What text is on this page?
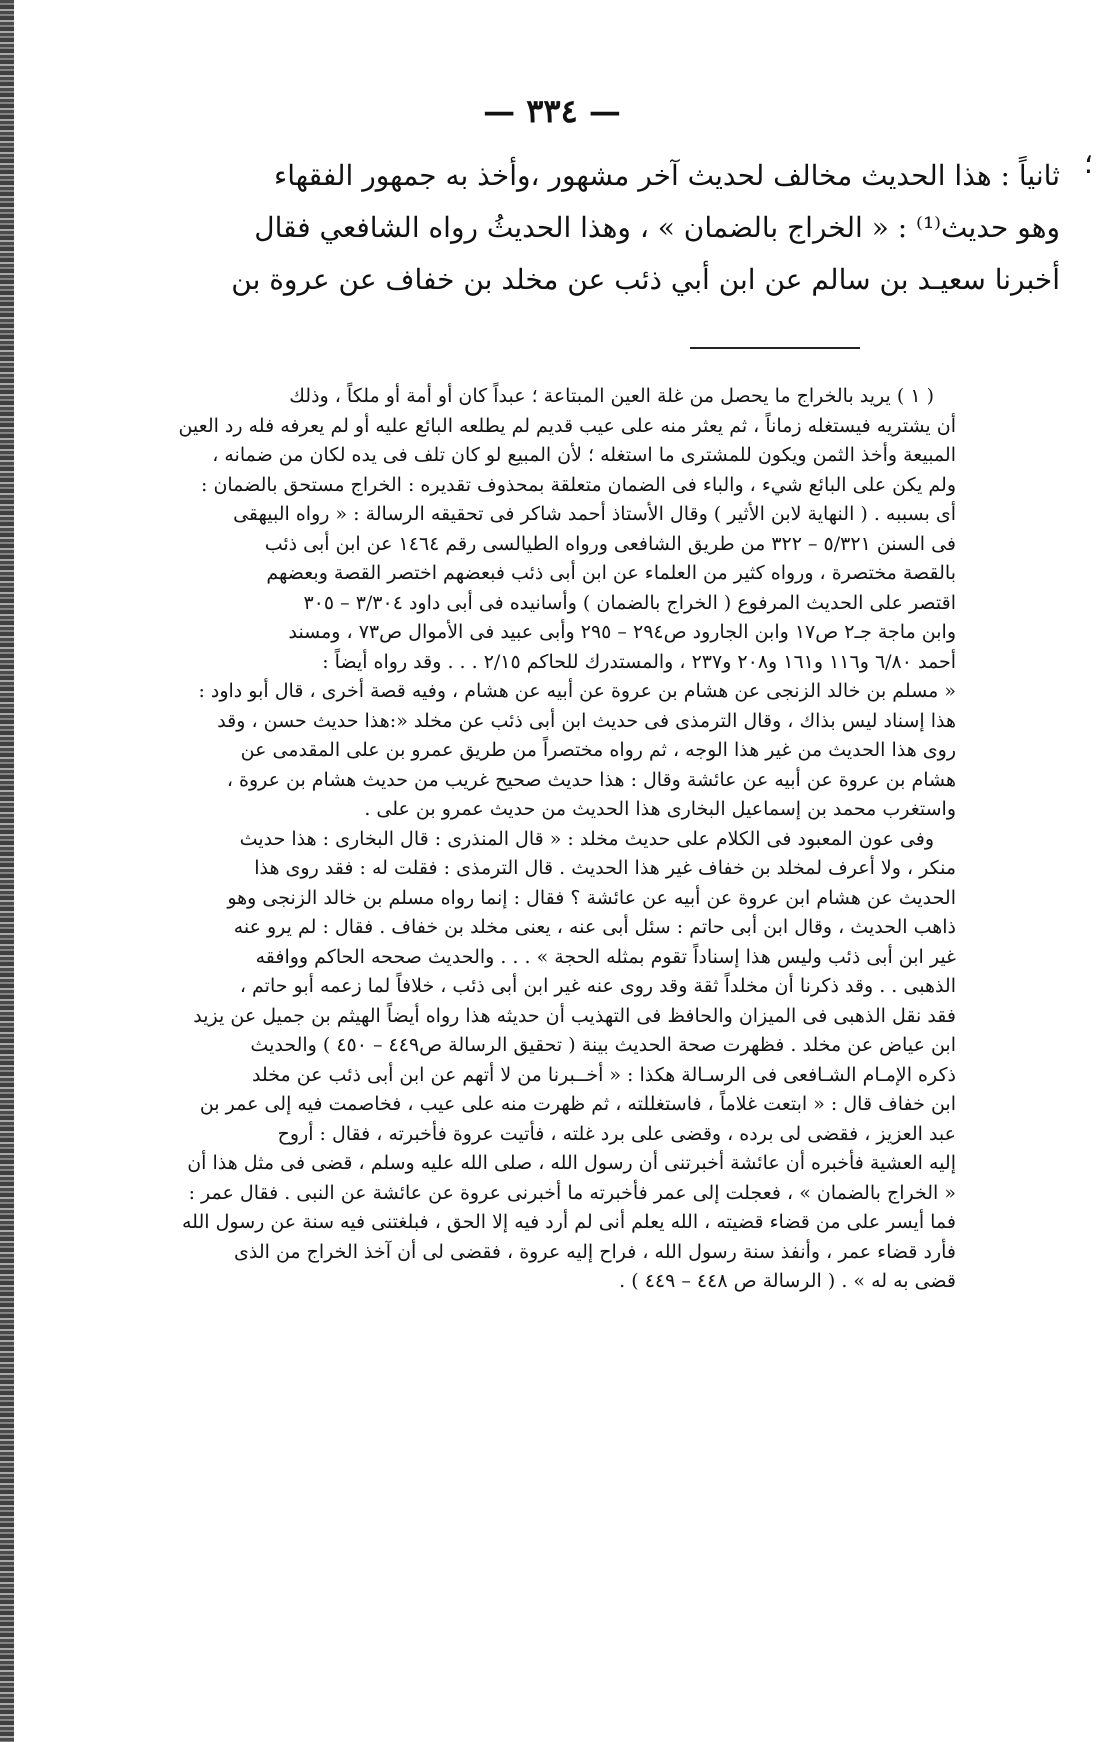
؛
— ٣٣٤ —
ثانياً : هذا الحديث مخالف لحديث آخر مشهور ،وأخذ به جمهور الفقهاء
وهو حديث⁽¹⁾ : « الخراج بالضمان » ، وهذا الحديثُ رواه الشافعي فقال
أخبرنا سعيـد بن سالم عن ابن أبي ذئب عن مخلد بن خفاف عن عروة بن
( ١ ) يريد بالخراج ما يحصل من غلة العين المبتاعة ؛ عبداً كان أو أمة أو ملكاً ، وذلك
أن يشتريه فيستغله زماناً ، ثم يعثر منه على عيب قديم لم يطلعه البائع عليه أو لم يعرفه فله رد العين
المبيعة وأخذ الثمن ويكون للمشترى ما استغله ؛ لأن المبيع لو كان تلف فى يده لكان من ضمانه ،
ولم يكن على البائع شيء ، والباء فى الضمان متعلقة بمحذوف تقديره : الخراج مستحق بالضمان :
أى بسببه . ( النهاية لابن الأثير ) وقال الأستاذ أحمد شاكر فى تحقيقه الرسالة : « رواه البيهقى
فى السنن ٥/٣٢١ – ٣٢٢ من طريق الشافعى ورواه الطيالسى رقم ١٤٦٤ عن ابن أبى ذئب
بالقصة مختصرة ، ورواه كثير من العلماء عن ابن أبى ذئب فبعضهم اختصر القصة وبعضهم
اقتصر على الحديث المرفوع ( الخراج بالضمان ) وأسانيده فى أبى داود ٣/٣٠٤ – ٣٠٥
وابن ماجة جـ٢ ص١٧ وابن الجارود ص٢٩٤ – ٢٩٥ وأبى عبيد فى الأموال ص٧٣ ، ومسند
أحمد ٦/٨٠ و١١٦ و١٦١ و٢٠٨ و٢٣٧ ، والمستدرك للحاكم ٢/١٥ . . . وقد رواه أيضاً :
« مسلم بن خالد الزنجى عن هشام بن عروة عن أبيه عن هشام ، وفيه قصة أخرى ، قال أبو داود :
هذا إسناد ليس بذاك ، وقال الترمذى فى حديث ابن أبى ذئب عن مخلد «:هذا حديث حسن ، وقد
روى هذا الحديث من غير هذا الوجه ، ثم رواه مختصراً من طريق عمرو بن على المقدمى عن
هشام بن عروة عن أبيه عن عائشة وقال : هذا حديث صحيح غريب من حديث هشام بن عروة ،
واستغرب محمد بن إسماعيل البخارى هذا الحديث من حديث عمرو بن على .
وفى عون المعبود فى الكلام على حديث مخلد : « قال المنذرى : قال البخارى : هذا حديث
منكر ، ولا أعرف لمخلد بن خفاف غير هذا الحديث . قال الترمذى : فقلت له : فقد روى هذا
الحديث عن هشام ابن عروة عن أبيه عن عائشة ؟ فقال : إنما رواه مسلم بن خالد الزنجى وهو
ذاهب الحديث ، وقال ابن أبى حاتم : سئل أبى عنه ، يعنى مخلد بن خفاف . فقال : لم يرو عنه
غير ابن أبى ذئب وليس هذا إسناداً تقوم بمثله الحجة » . . . والحديث صححه الحاكم ووافقه
الذهبى . . وقد ذكرنا أن مخلداً ثقة وقد روى عنه غير ابن أبى ذئب ، خلافاً لما زعمه أبو حاتم ،
فقد نقل الذهبى فى الميزان والحافظ فى التهذيب أن حديثه هذا رواه أيضاً الهيثم بن جميل عن يزيد
ابن عياض عن مخلد . فظهرت صحة الحديث بينة ( تحقيق الرسالة ص٤٤٩ – ٤٥٠ ) والحديث
ذكره الإمـام الشـافعى فى الرسـالة هكذا : « أخــبرنا من لا أتهم عن ابن أبى ذئب عن مخلد
ابن خفاف قال : « ابتعت غلاماً ، فاستغللته ، ثم ظهرت منه على عيب ، فخاصمت فيه إلى عمر بن
عبد العزيز ، فقضى لى برده ، وقضى على برد غلته ، فأتيت عروة فأخبرته ، فقال : أروح
إليه العشية فأخبره أن عائشة أخبرتنى أن رسول الله ، صلى الله عليه وسلم ، قضى فى مثل هذا أن
« الخراج بالضمان » ، فعجلت إلى عمر فأخبرته ما أخبرنى عروة عن عائشة عن النبى . فقال عمر :
فما أيسر على من قضاء قضيته ، الله يعلم أنى لم أرد فيه إلا الحق ، فبلغتنى فيه سنة عن رسول الله
فأرد قضاء عمر ، وأنفذ سنة رسول الله ، فراح إليه عروة ، فقضى لى أن آخذ الخراج من الذى
قضى به له » . ( الرسالة ص ٤٤٨ – ٤٤٩ ) .
